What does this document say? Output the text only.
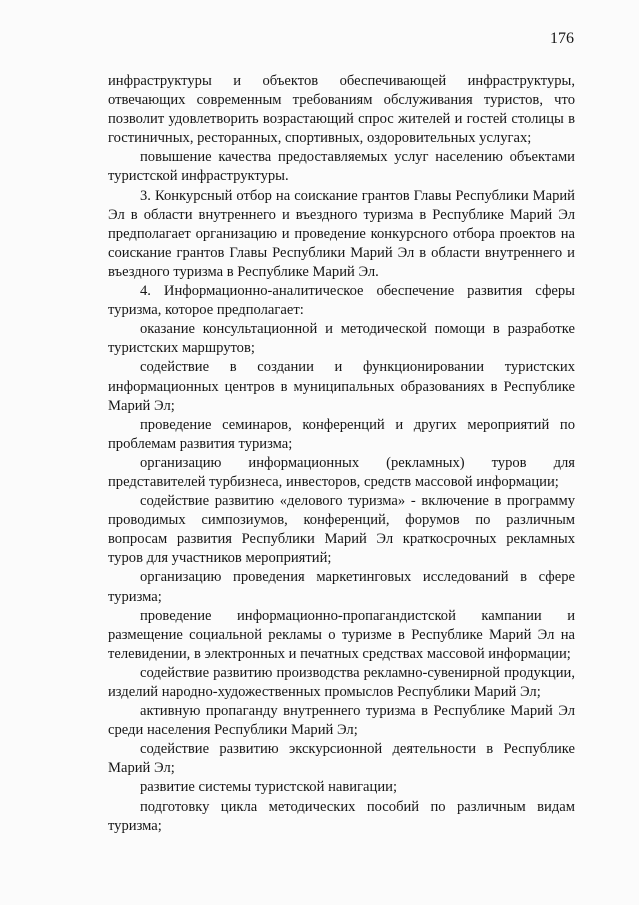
176

инфраструктуры и объектов обеспечивающей инфраструктуры, отвечающих современным требованиям обслуживания туристов, что позволит удовлетворить возрастающий спрос жителей и гостей столицы в гостиничных, ресторанных, спортивных, оздоровительных услугах;

повышение качества предоставляемых услуг населению объектами туристской инфраструктуры.

3. Конкурсный отбор на соискание грантов Главы Республики Марий Эл в области внутреннего и въездного туризма в Республике Марий Эл предполагает организацию и проведение конкурсного отбора проектов на соискание грантов Главы Республики Марий Эл в области внутреннего и въездного туризма в Республике Марий Эл.

4. Информационно-аналитическое обеспечение развития сферы туризма, которое предполагает:

оказание консультационной и методической помощи в разработке туристских маршрутов;

содействие в создании и функционировании туристских информационных центров в муниципальных образованиях в Республике Марий Эл;

проведение семинаров, конференций и других мероприятий по проблемам развития туризма;

организацию информационных (рекламных) туров для представителей турбизнеса, инвесторов, средств массовой информации;

содействие развитию «делового туризма» - включение в программу проводимых симпозиумов, конференций, форумов по различным вопросам развития Республики Марий Эл краткосрочных рекламных туров для участников мероприятий;

организацию проведения маркетинговых исследований в сфере туризма;

проведение информационно-пропагандистской кампании и размещение социальной рекламы о туризме в Республике Марий Эл на телевидении, в электронных и печатных средствах массовой информации;

содействие развитию производства рекламно-сувенирной продукции, изделий народно-художественных промыслов Республики Марий Эл;

активную пропаганду внутреннего туризма в Республике Марий Эл среди населения Республики Марий Эл;

содействие развитию экскурсионной деятельности в Республике Марий Эл;

развитие системы туристской навигации;

подготовку цикла методических пособий по различным видам туризма;
